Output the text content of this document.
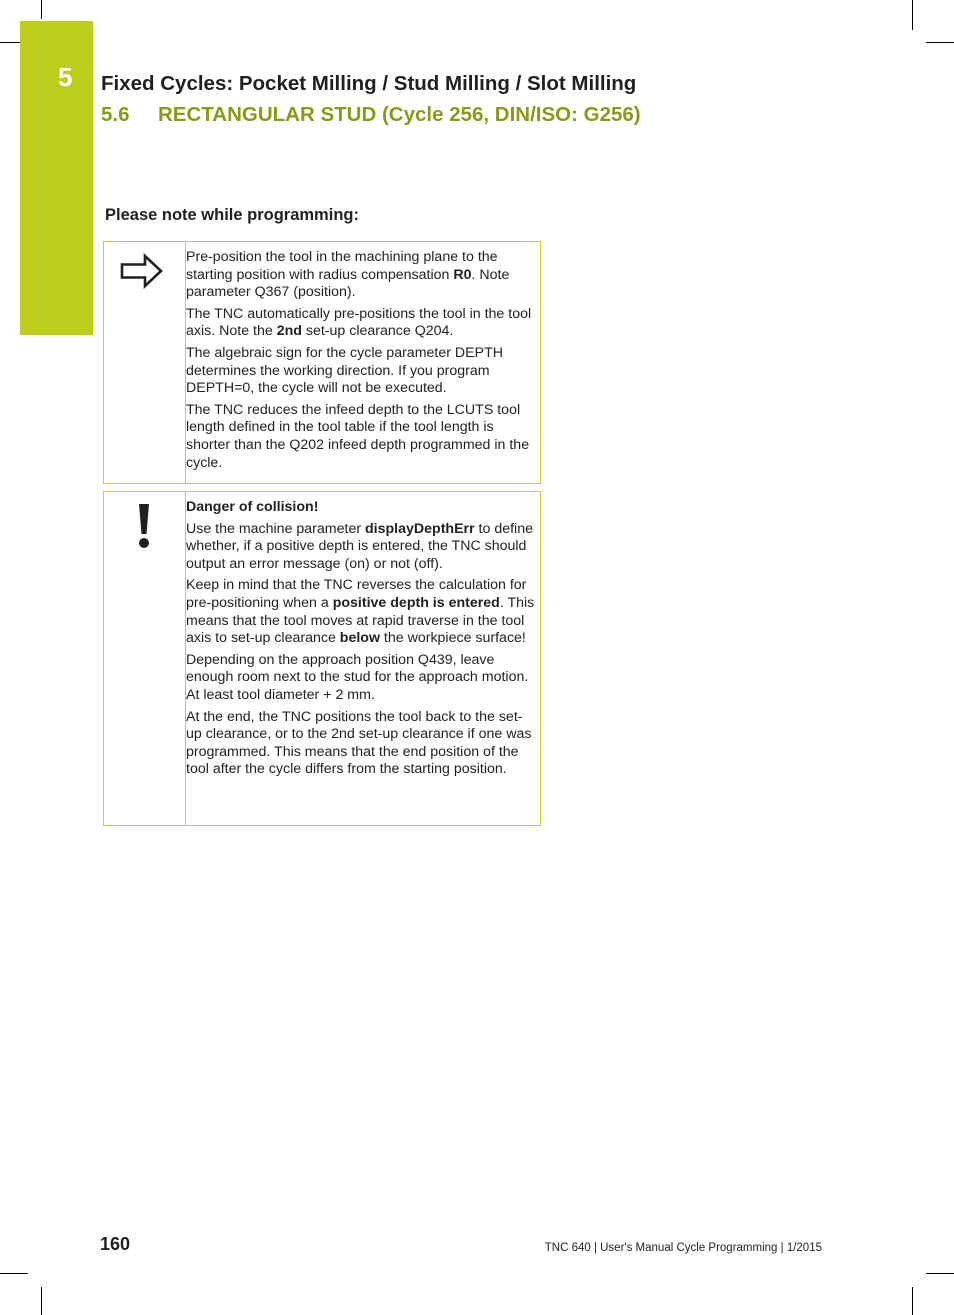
5 Fixed Cycles: Pocket Milling / Stud Milling / Slot Milling
5.6 RECTANGULAR STUD (Cycle 256, DIN/ISO: G256)
Please note while programming:

Pre-position the tool in the machining plane to the starting position with radius compensation R0. Note parameter Q367 (position).

The TNC automatically pre-positions the tool in the tool axis. Note the 2nd set-up clearance Q204.

The algebraic sign for the cycle parameter DEPTH determines the working direction. If you program DEPTH=0, the cycle will not be executed.

The TNC reduces the infeed depth to the LCUTS tool length defined in the tool table if the tool length is shorter than the Q202 infeed depth programmed in the cycle.

Danger of collision!

Use the machine parameter displayDepthErr to define whether, if a positive depth is entered, the TNC should output an error message (on) or not (off).

Keep in mind that the TNC reverses the calculation for pre-positioning when a positive depth is entered. This means that the tool moves at rapid traverse in the tool axis to set-up clearance below the workpiece surface!

Depending on the approach position Q439, leave enough room next to the stud for the approach motion. At least tool diameter + 2 mm.

At the end, the TNC positions the tool back to the set-up clearance, or to the 2nd set-up clearance if one was programmed. This means that the end position of the tool after the cycle differs from the starting position.

160	TNC 640 | User's Manual Cycle Programming | 1/2015
